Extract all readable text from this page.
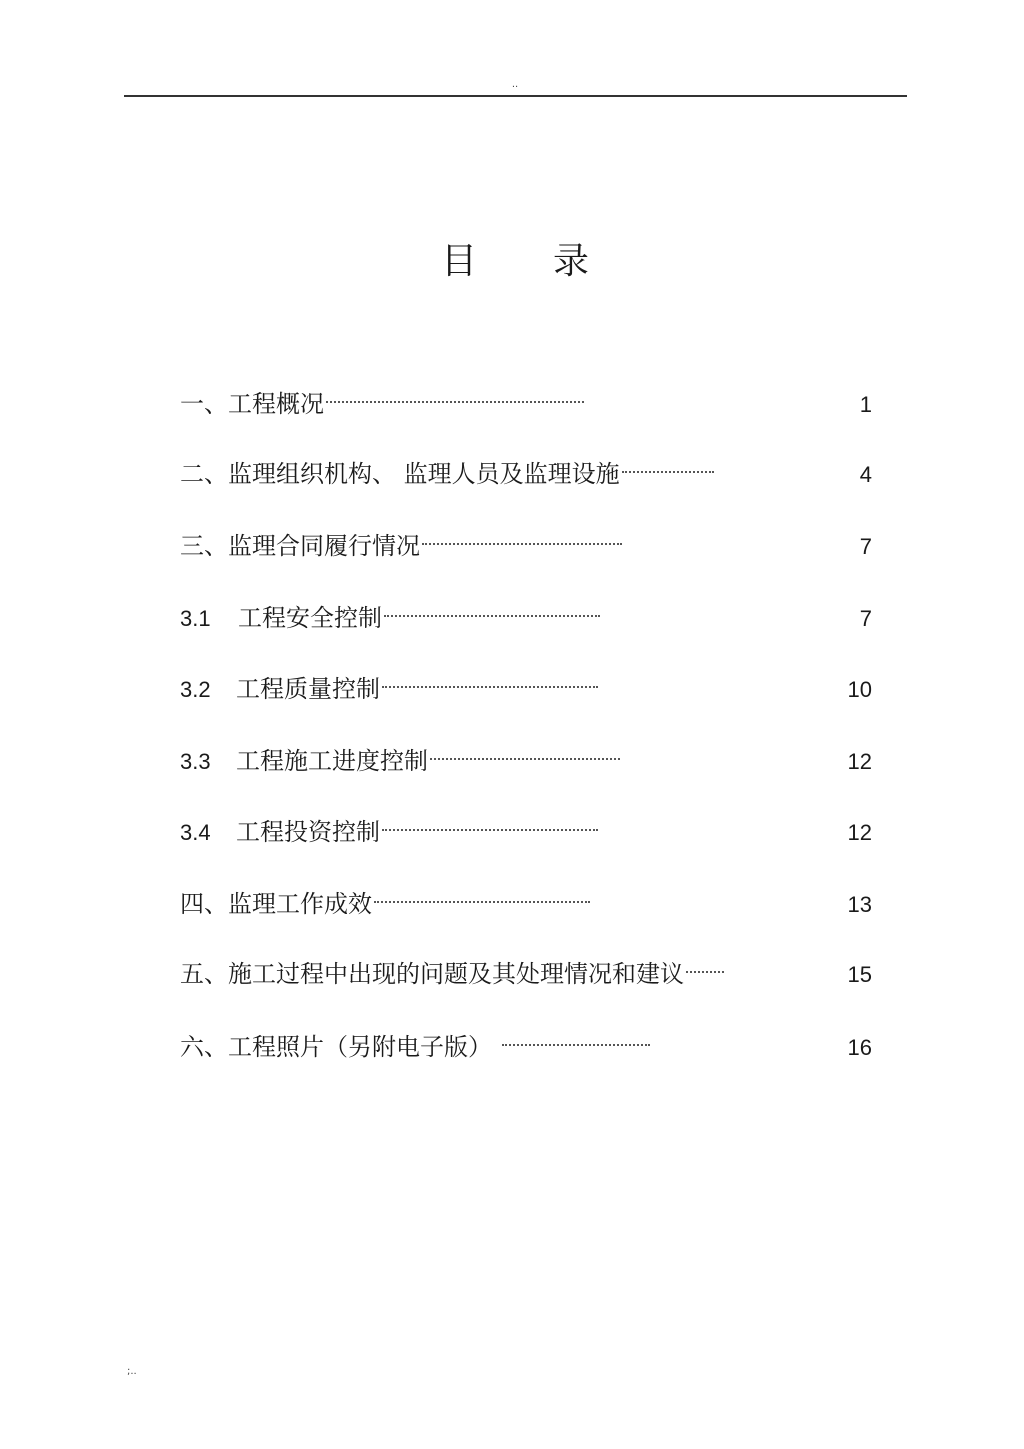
..
目录
一、工程概况	1
二、监理组织机构、 监理人员及监理设施	4
三、监理合同履行情况	7
3.1	工程安全控制	7
3.2	工程质量控制	10
3.3	工程施工进度控制	12
3.4	工程投资控制	12
四、监理工作成效	13
五、施工过程中出现的问题及其处理情况和建议	15
六、工程照片（另附电子版）	16
;..
